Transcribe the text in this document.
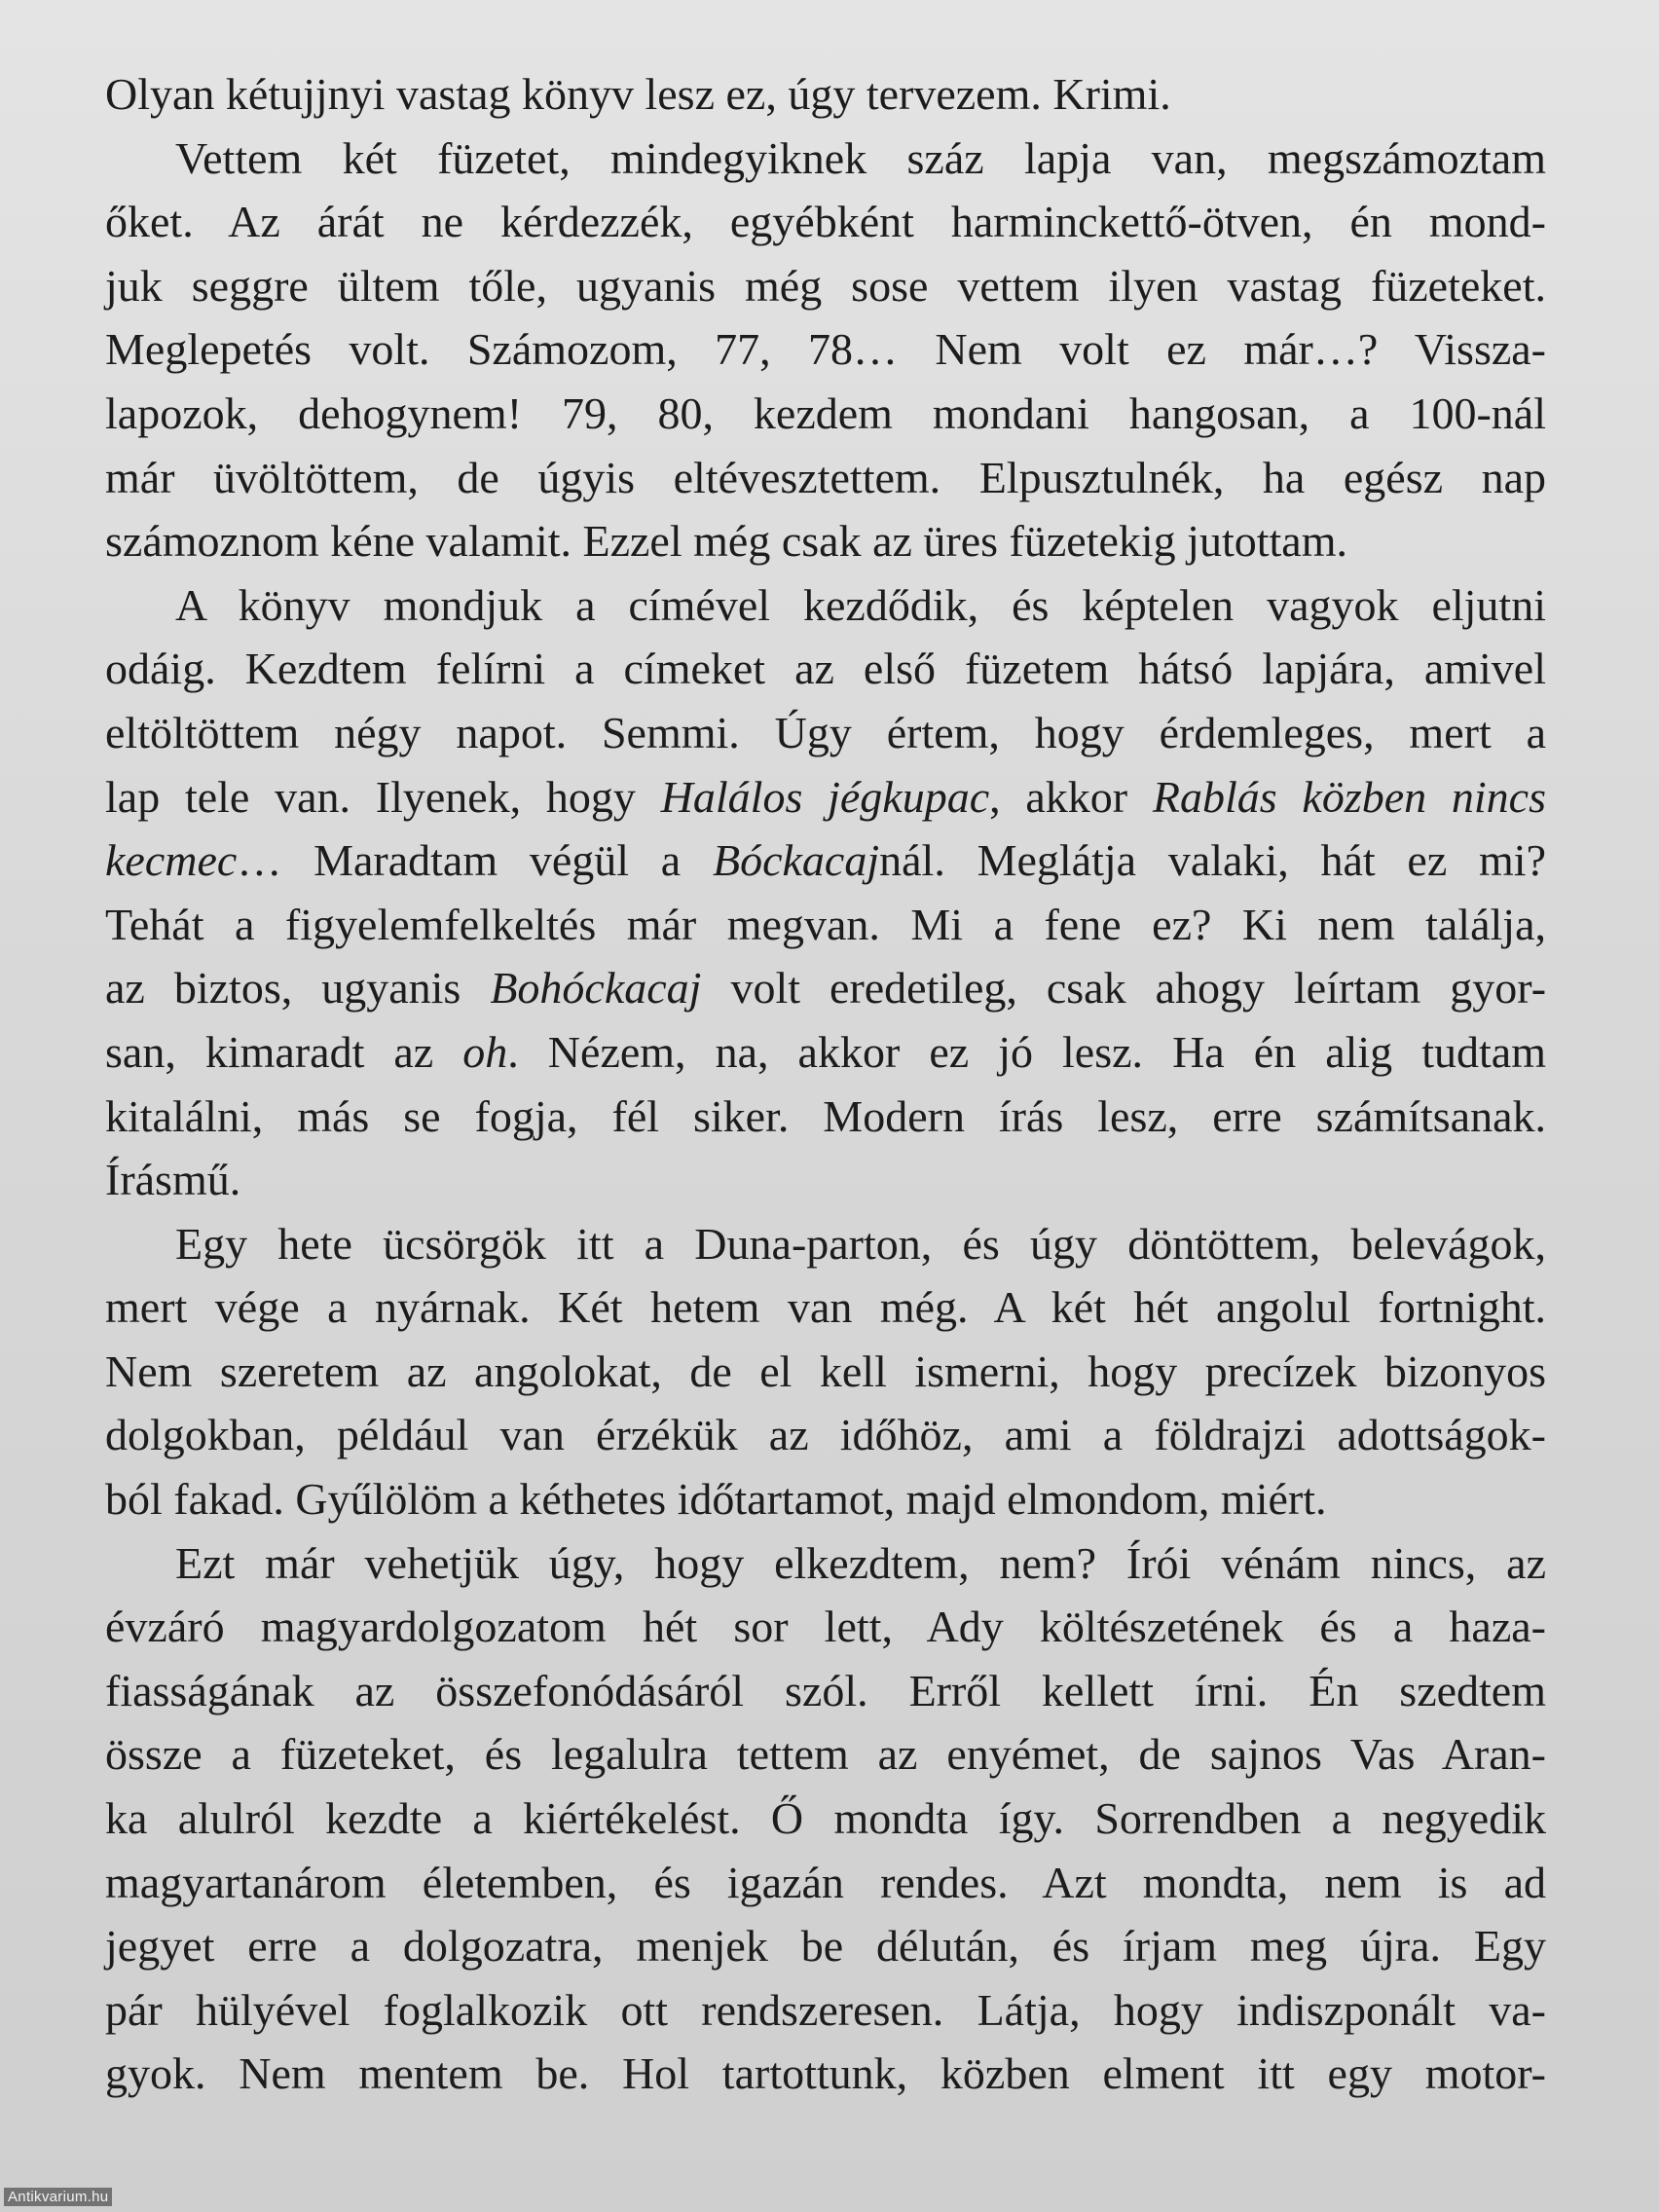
Olyan kétujjnyi vastag könyv lesz ez, úgy tervezem. Krimi.
Vettem két füzetet, mindegyiknek száz lapja van, megszámoztam
őket. Az árát ne kérdezzék, egyébként harminckettő-ötven, én mond-
juk seggre ültem tőle, ugyanis még sose vettem ilyen vastag füzeteket.
Meglepetés volt. Számozom, 77, 78… Nem volt ez már…? Vissza-
lapozok, dehogynem! 79, 80, kezdem mondani hangosan, a 100-nál
már üvöltöttem, de úgyis eltévesztettem. Elpusztulnék, ha egész nap
számoznom kéne valamit. Ezzel még csak az üres füzetekig jutottam.
A könyv mondjuk a címével kezdődik, és képtelen vagyok eljutni
odáig. Kezdtem felírni a címeket az első füzetem hátsó lapjára, amivel
eltöltöttem négy napot. Semmi. Úgy értem, hogy érdemleges, mert a
lap tele van. Ilyenek, hogy Halálos jégkupac, akkor Rablás közben nincs
kecmec… Maradtam végül a Bóckacajnál. Meglátja valaki, hát ez mi?
Tehát a figyelemfelkeltés már megvan. Mi a fene ez? Ki nem találja,
az biztos, ugyanis Bohóckacaj volt eredetileg, csak ahogy leírtam gyor-
san, kimaradt az oh. Nézem, na, akkor ez jó lesz. Ha én alig tudtam
kitalálni, más se fogja, fél siker. Modern írás lesz, erre számítsanak.
Írásmű.
Egy hete ücsörgök itt a Duna-parton, és úgy döntöttem, belevágok,
mert vége a nyárnak. Két hetem van még. A két hét angolul fortnight.
Nem szeretem az angolokat, de el kell ismerni, hogy precízek bizonyos
dolgokban, például van érzékük az időhöz, ami a földrajzi adottságok-
ból fakad. Gyűlölöm a kéthetes időtartamot, majd elmondom, miért.
Ezt már vehetjük úgy, hogy elkezdtem, nem? Írói vénám nincs, az
évzáró magyardolgozatom hét sor lett, Ady költészetének és a haza-
fiasságának az összefonódásáról szól. Erről kellett írni. Én szedtem
össze a füzeteket, és legalulra tettem az enyémet, de sajnos Vas Aran-
ka alulról kezdte a kiértékelést. Ő mondta így. Sorrendben a negyedik
magyartanárom életemben, és igazán rendes. Azt mondta, nem is ad
jegyet erre a dolgozatra, menjek be délután, és írjam meg újra. Egy
pár hülyével foglalkozik ott rendszeresen. Látja, hogy indiszponált va-
gyok. Nem mentem be. Hol tartottunk, közben elment itt egy motor-
Antikvarium.hu
